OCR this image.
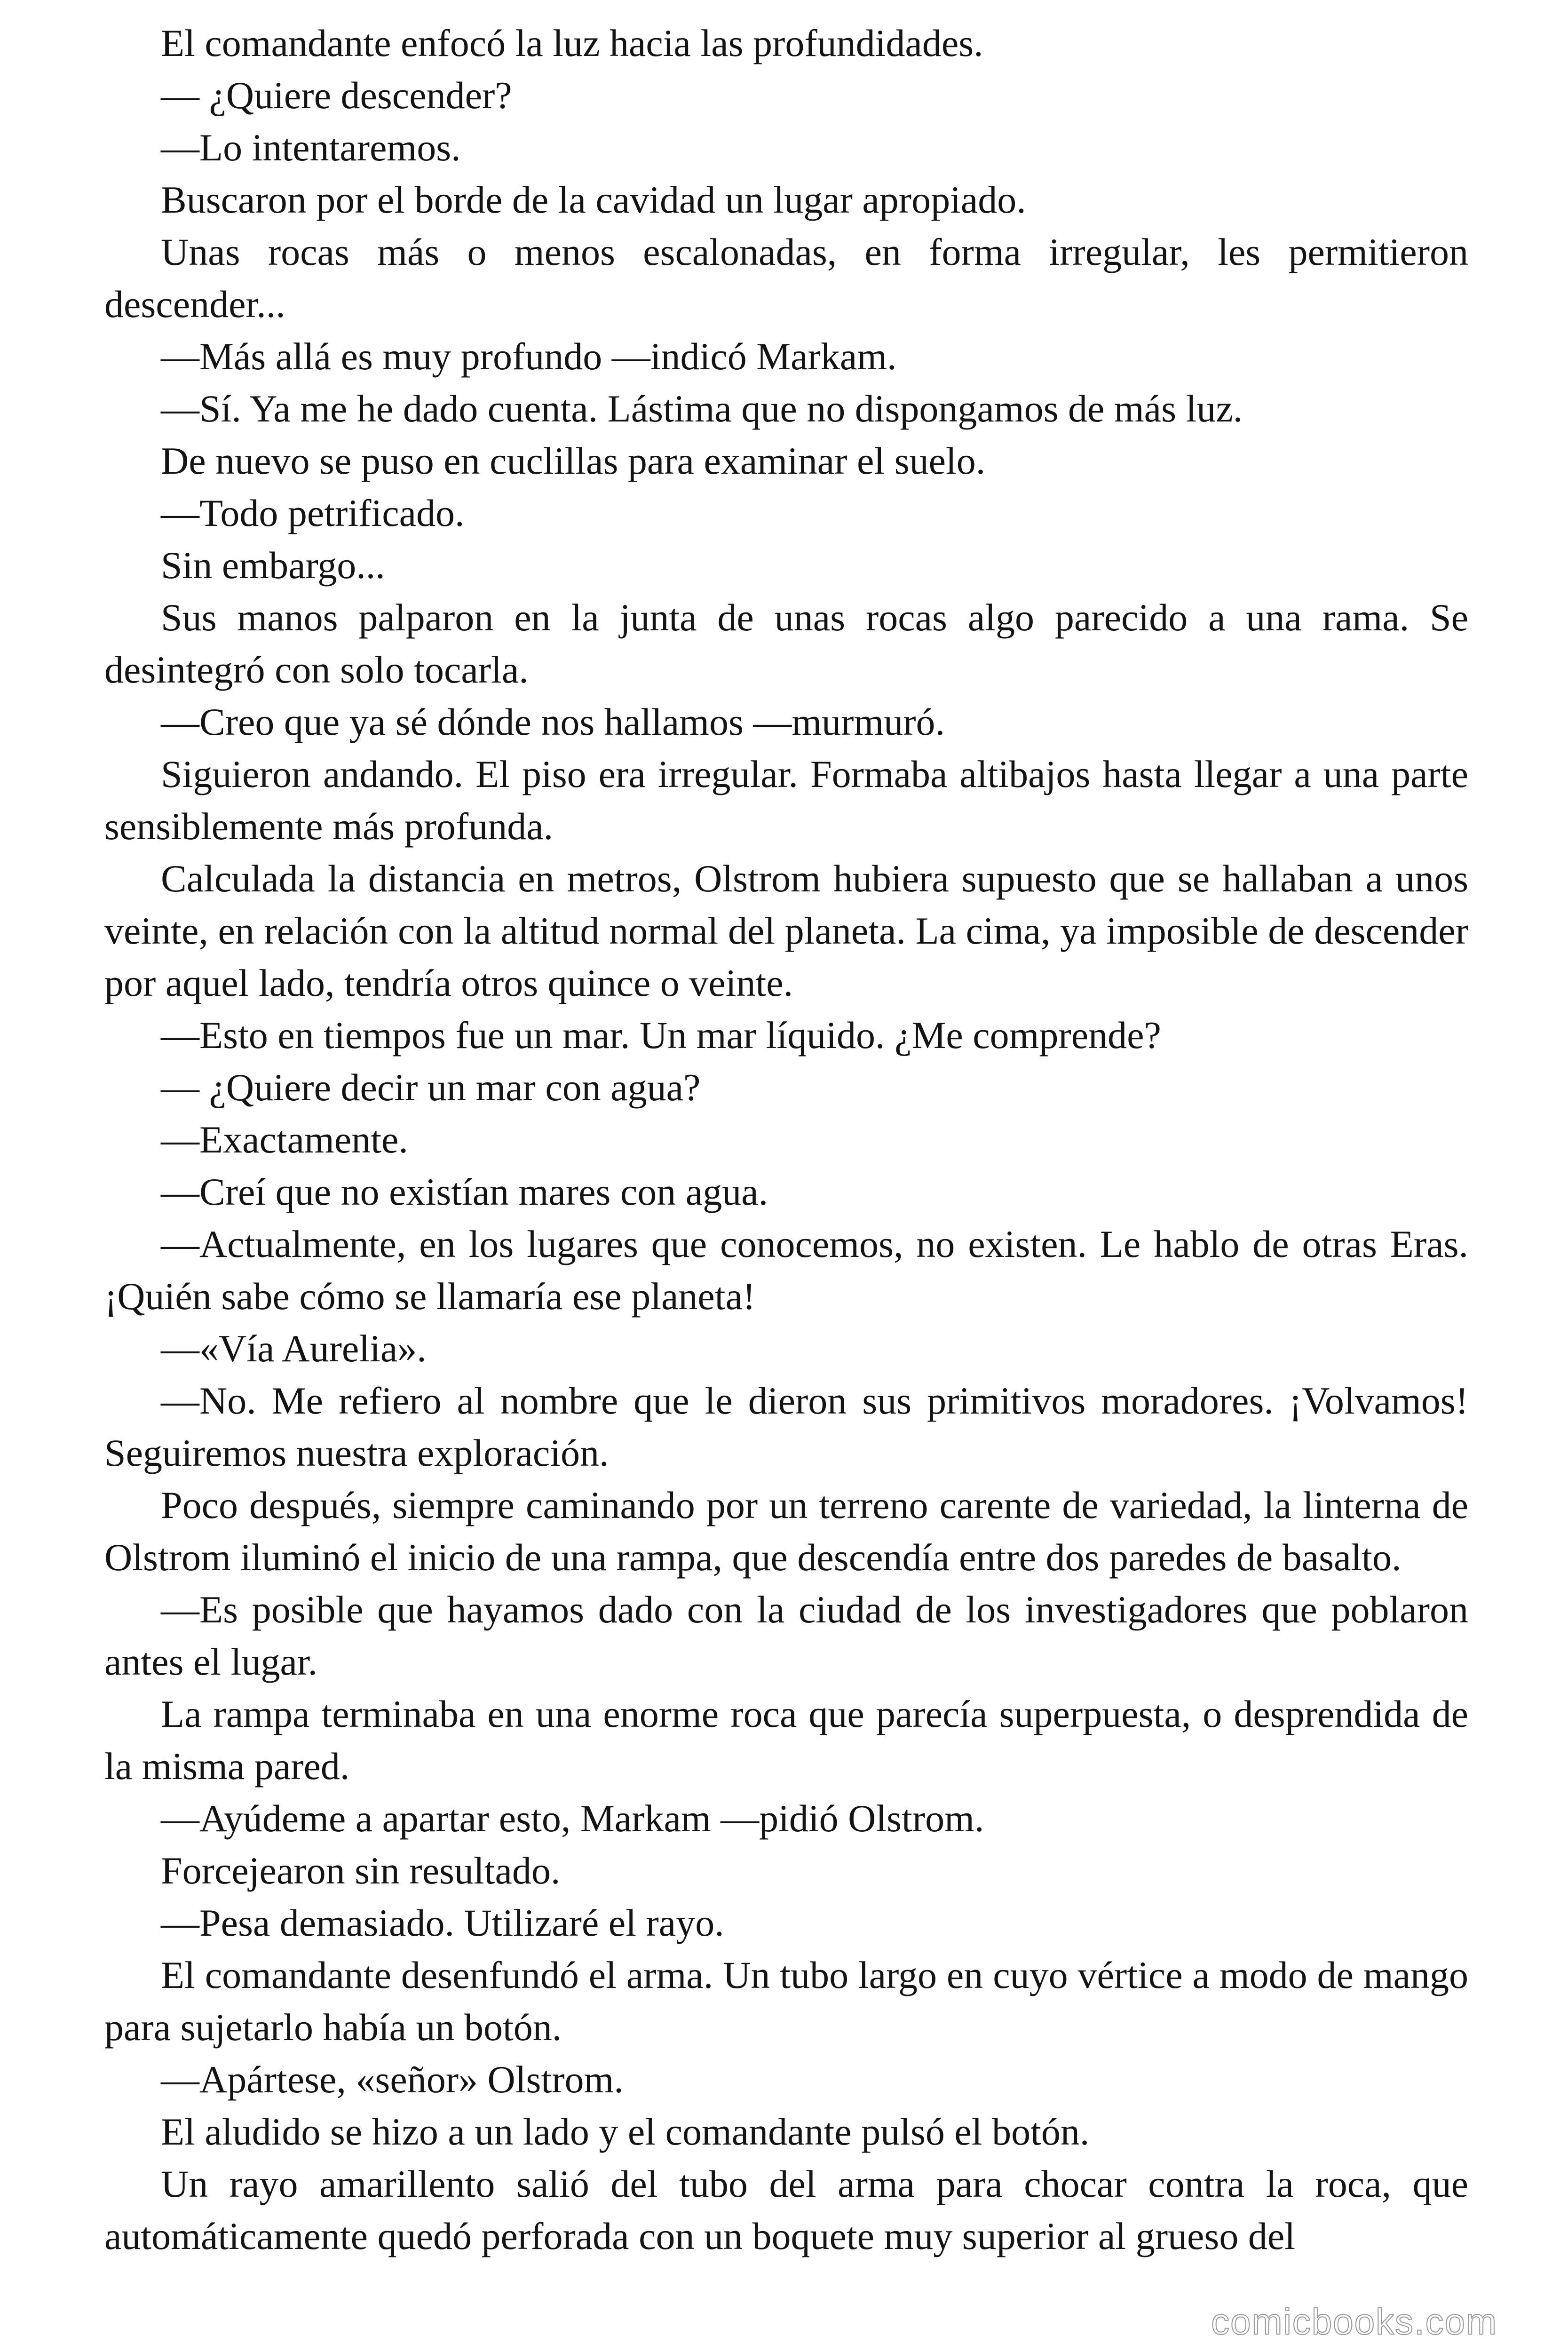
El comandante enfocó la luz hacia las profundidades.

— ¿Quiere descender?

—Lo intentaremos.

Buscaron por el borde de la cavidad un lugar apropiado.

Unas rocas más o menos escalonadas, en forma irregular, les permitieron descender...

—Más allá es muy profundo —indicó Markam.

—Sí. Ya me he dado cuenta. Lástima que no dispongamos de más luz.

De nuevo se puso en cuclillas para examinar el suelo.

—Todo petrificado.

Sin embargo...

Sus manos palparon en la junta de unas rocas algo parecido a una rama. Se desintegró con solo tocarla.

—Creo que ya sé dónde nos hallamos —murmuró.

Siguieron andando. El piso era irregular. Formaba altibajos hasta llegar a una parte sensiblemente más profunda.

Calculada la distancia en metros, Olstrom hubiera supuesto que se hallaban a unos veinte, en relación con la altitud normal del planeta. La cima, ya imposible de descender por aquel lado, tendría otros quince o veinte.

—Esto en tiempos fue un mar. Un mar líquido. ¿Me comprende?

— ¿Quiere decir un mar con agua?

—Exactamente.

—Creí que no existían mares con agua.

—Actualmente, en los lugares que conocemos, no existen. Le hablo de otras Eras. ¡Quién sabe cómo se llamaría ese planeta!

—«Vía Aurelia».

—No. Me refiero al nombre que le dieron sus primitivos moradores. ¡Volvamos! Seguiremos nuestra exploración.

Poco después, siempre caminando por un terreno carente de variedad, la linterna de Olstrom iluminó el inicio de una rampa, que descendía entre dos paredes de basalto.

—Es posible que hayamos dado con la ciudad de los investigadores que poblaron antes el lugar.

La rampa terminaba en una enorme roca que parecía superpuesta, o desprendida de la misma pared.

—Ayúdeme a apartar esto, Markam —pidió Olstrom.

Forcejearon sin resultado.

—Pesa demasiado. Utilizaré el rayo.

El comandante desenfundó el arma. Un tubo largo en cuyo vértice a modo de mango para sujetarlo había un botón.

—Apártese, «señor» Olstrom.

El aludido se hizo a un lado y el comandante pulsó el botón.

Un rayo amarillento salió del tubo del arma para chocar contra la roca, que automáticamente quedó perforada con un boquete muy superior al grueso del

comicbooks.com
